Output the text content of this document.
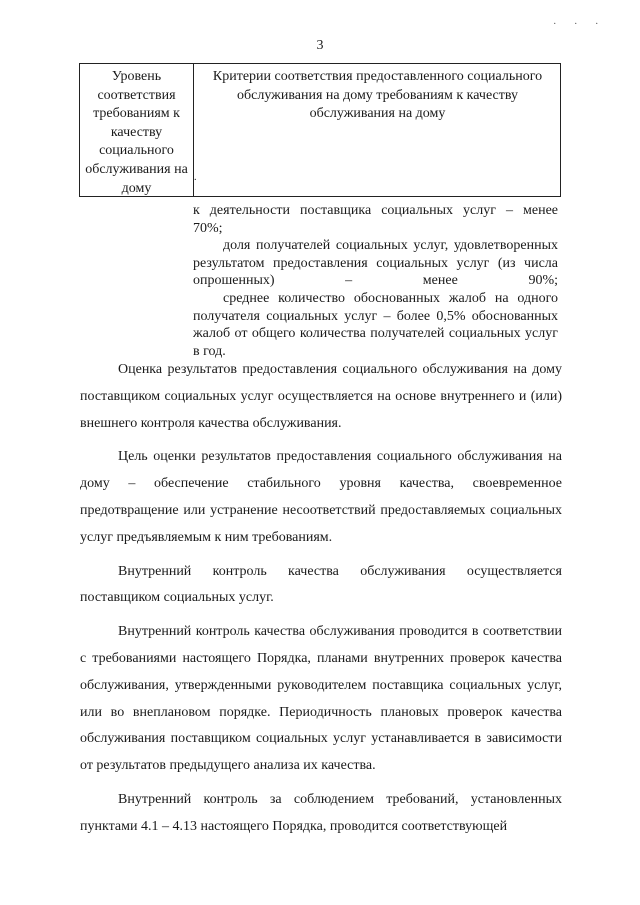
. . .
3
Уровень соответствия требованиям к качеству социального обслуживания на дому
Критерии соответствия предоставленного социального обслуживания на дому требованиям к качеству обслуживания на дому
.

к деятельности поставщика социальных услуг – менее

70%;

доля получателей социальных услуг, удовлетворенных результатом предоставления социальных услуг (из числа опрошенных) – менее 90%;

среднее количество обоснованных жалоб на одного получателя социальных услуг – более 0,5% обоснованных жалоб от общего количества получателей социальных услуг в год.

Оценка результатов предоставления социального обслуживания на дому поставщиком социальных услуг осуществляется на основе внутреннего и (или) внешнего контроля качества обслуживания.

Цель оценки результатов предоставления социального обслуживания на дому – обеспечение стабильного уровня качества, своевременное предотвращение или устранение несоответствий предоставляемых социальных услуг предъявляемым к ним требованиям.

Внутренний контроль качества обслуживания осуществляется поставщиком социальных услуг.

Внутренний контроль качества обслуживания проводится в соответствии с требованиями настоящего Порядка, планами внутренних проверок качества обслуживания, утвержденными руководителем поставщика социальных услуг, или во внеплановом порядке. Периодичность плановых проверок качества обслуживания поставщиком социальных услуг устанавливается в зависимости от результатов предыдущего анализа их качества.

Внутренний контроль за соблюдением требований, установленных пунктами 4.1 – 4.13 настоящего Порядка, проводится соответствующей
